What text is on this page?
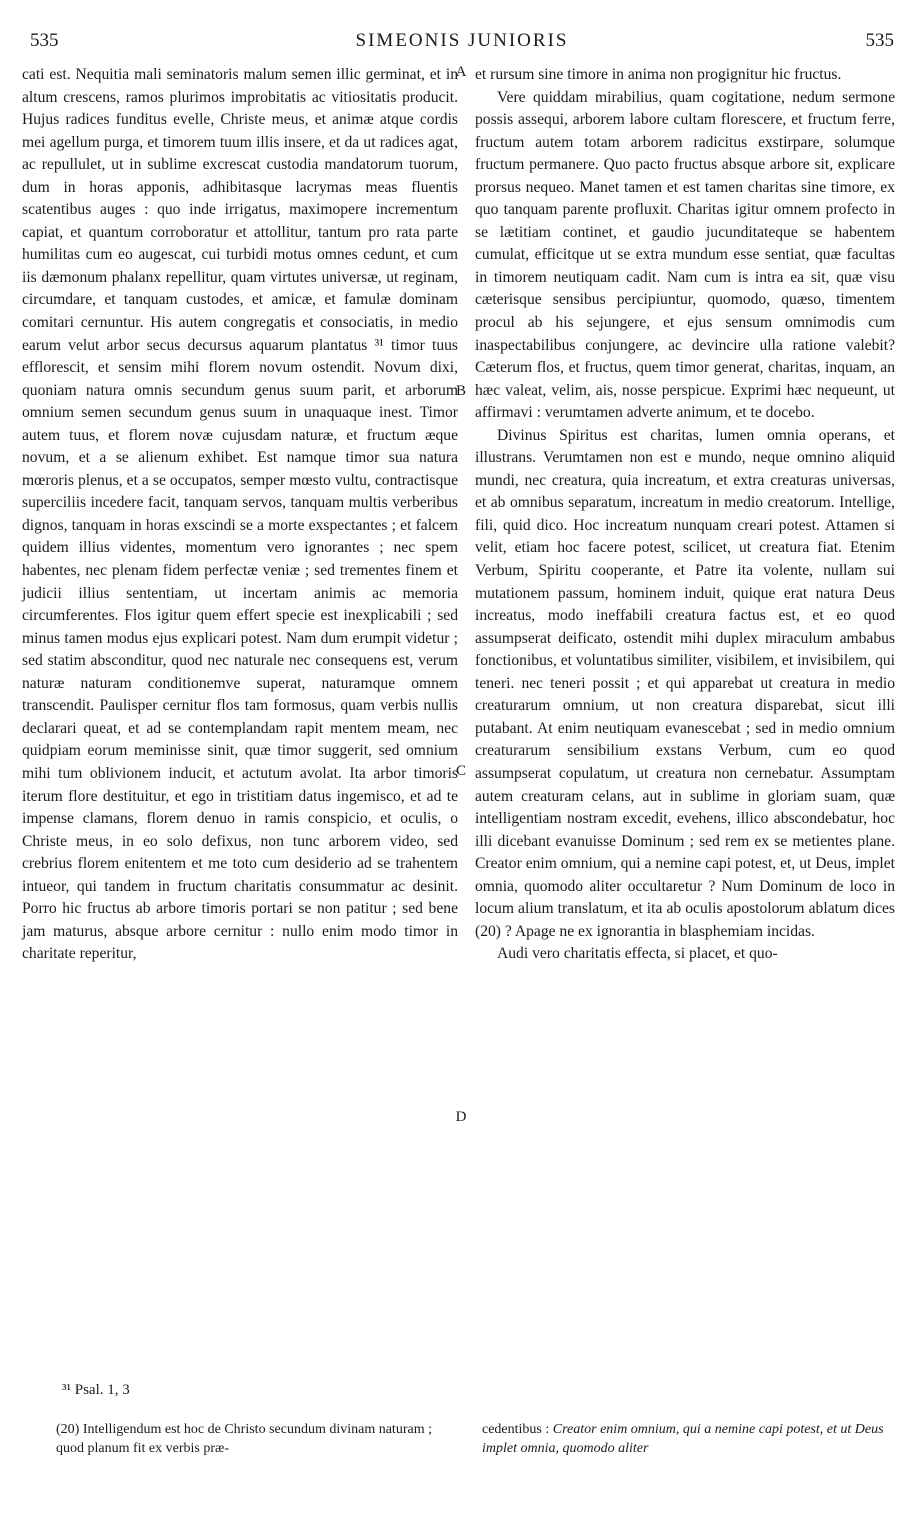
535	SIMEONIS JUNIORIS	535

cati est. Nequitia mali seminatoris malum semen illic germinat, et in altum crescens, ramos plurimos improbitatis ac vitiositatis producit. Hujus radices funditus evelle, Christe meus, et animæ atque cordis mei agellum purga, et timorem tuum illis insere, et da ut radices agat, ac repullulet, ut in sublime excrescat custodia mandatorum tuorum, dum in horas apponis, adhibitasque lacrymas meas fluentis scatentibus auges : quo inde irrigatus, maximopere incrementum capiat, et quantum corroboratur et attollitur, tantum pro rata parte humilitas cum eo augescat, cui turbidi motus omnes cedunt, et cum iis dæmonum phalanx repellitur, quam virtutes universæ, ut reginam, circumdare, et tanquam custodes, et amicæ, et famulæ dominam comitari cernuntur. His autem congregatis et consociatis, in medio earum velut arbor secus decursus aquarum plantatus ³¹ timor tuus efflorescit, et sensim mihi florem novum ostendit. Novum dixi, quoniam natura omnis secundum genus suum parit, et arborum omnium semen secundum genus suum in unaquaque inest. Timor autem tuus, et florem novæ cujusdam naturæ, et fructum æque novum, et a se alienum exhibet. Est namque timor sua natura mœroris plenus, et a se occupatos, semper mœsto vultu, contractisque superciliis incedere facit, tanquam servos, tanquam multis verberibus dignos, tanquam in horas exscindi se a morte exspectantes ; et falcem quidem illius videntes, momentum vero ignorantes ; nec spem habentes, nec plenam fidem perfectæ veniæ ; sed trementes finem et judicii illius sententiam, ut incertam animis ac memoria circumferentes. Flos igitur quem effert specie est inexplicabili ; sed minus tamen modus ejus explicari potest. Nam dum erumpit videtur ; sed statim absconditur, quod nec naturale nec consequens est, verum naturæ naturam conditionemve superat, naturamque omnem transcendit. Paulisper cernitur flos tam formosus, quam verbis nullis declarari queat, et ad se contemplandam rapit mentem meam, nec quidpiam eorum meminisse sinit, quæ timor suggerit, sed omnium mihi tum oblivionem inducit, et actutum avolat. Ita arbor timoris iterum flore destituitur, et ego in tristitiam datus ingemisco, et ad te impense clamans, florem denuo in ramis conspicio, et oculis, o Christe meus, in eo solo defixus, non tunc arborem video, sed crebrius florem enitentem et me toto cum desiderio ad se trahentem intueor, qui tandem in fructum charitatis consummatur ac desinit. Porro hic fructus ab arbore timoris portari se non patitur ; sed bene jam maturus, absque arbore cernitur : nullo enim modo timor in charitate reperitur,

A
B
C
D

et rursum sine timore in anima non progignitur hic fructus.

Vere quiddam mirabilius, quam cogitatione, nedum sermone possis assequi, arborem labore cultam florescere, et fructum ferre, fructum autem totam arborem radicitus exstirpare, solumque fructum permanere. Quo pacto fructus absque arbore sit, explicare prorsus nequeo. Manet tamen et est tamen charitas sine timore, ex quo tanquam parente profluxit. Charitas igitur omnem profecto in se lætitiam continet, et gaudio jucunditateque se habentem cumulat, efficitque ut se extra mundum esse sentiat, quæ facultas in timorem neutiquam cadit. Nam cum is intra ea sit, quæ visu cæterisque sensibus percipiuntur, quomodo, quæso, timentem procul ab his sejungere, et ejus sensum omnimodis cum inaspectabilibus conjungere, ac devincire ulla ratione valebit? Cæterum flos, et fructus, quem timor generat, charitas, inquam, an hæc valeat, velim, ais, nosse perspicue. Exprimi hæc nequeunt, ut affirmavi : verumtamen adverte animum, et te docebo.

Divinus Spiritus est charitas, lumen omnia operans, et illustrans. Verumtamen non est e mundo, neque omnino aliquid mundi, nec creatura, quia increatum, et extra creaturas universas, et ab omnibus separatum, increatum in medio creatorum. Intellige, fili, quid dico. Hoc increatum nunquam creari potest. Attamen si velit, etiam hoc facere potest, scilicet, ut creatura fiat. Etenim Verbum, Spiritu cooperante, et Patre ita volente, nullam sui mutationem passum, hominem induit, quique erat natura Deus increatus, modo ineffabili creatura factus est, et eo quod assumpserat deificato, ostendit mihi duplex miraculum ambabus fonctionibus, et voluntatibus similiter, visibilem, et invisibilem, qui teneri. nec teneri possit ; et qui apparebat ut creatura in medio creaturarum omnium, ut non creatura disparebat, sicut illi putabant. At enim neutiquam evanescebat ; sed in medio omnium creaturarum sensibilium exstans Verbum, cum eo quod assumpserat copulatum, ut creatura non cernebatur. Assumptam autem creaturam celans, aut in sublime in gloriam suam, quæ intelligentiam nostram excedit, evehens, illico abscondebatur, hoc illi dicebant evanuisse Dominum ; sed rem ex se metientes plane. Creator enim omnium, qui a nemine capi potest, et, ut Deus, implet omnia, quomodo aliter occultaretur ? Num Dominum de loco in locum alium translatum, et ita ab oculis apostolorum ablatum dices (20) ? Apage ne ex ignorantia in blasphemiam incidas.

Audi vero charitatis effecta, si placet, et quo-

³¹ Psal. 1, 3
(20) Intelligendum est hoc de Christo secundum divinam naturam ; quod planum fit ex verbis præ-
cedentibus : Creator enim omnium, qui a nemine capi potest, et ut Deus implet omnia, quomodo aliter
